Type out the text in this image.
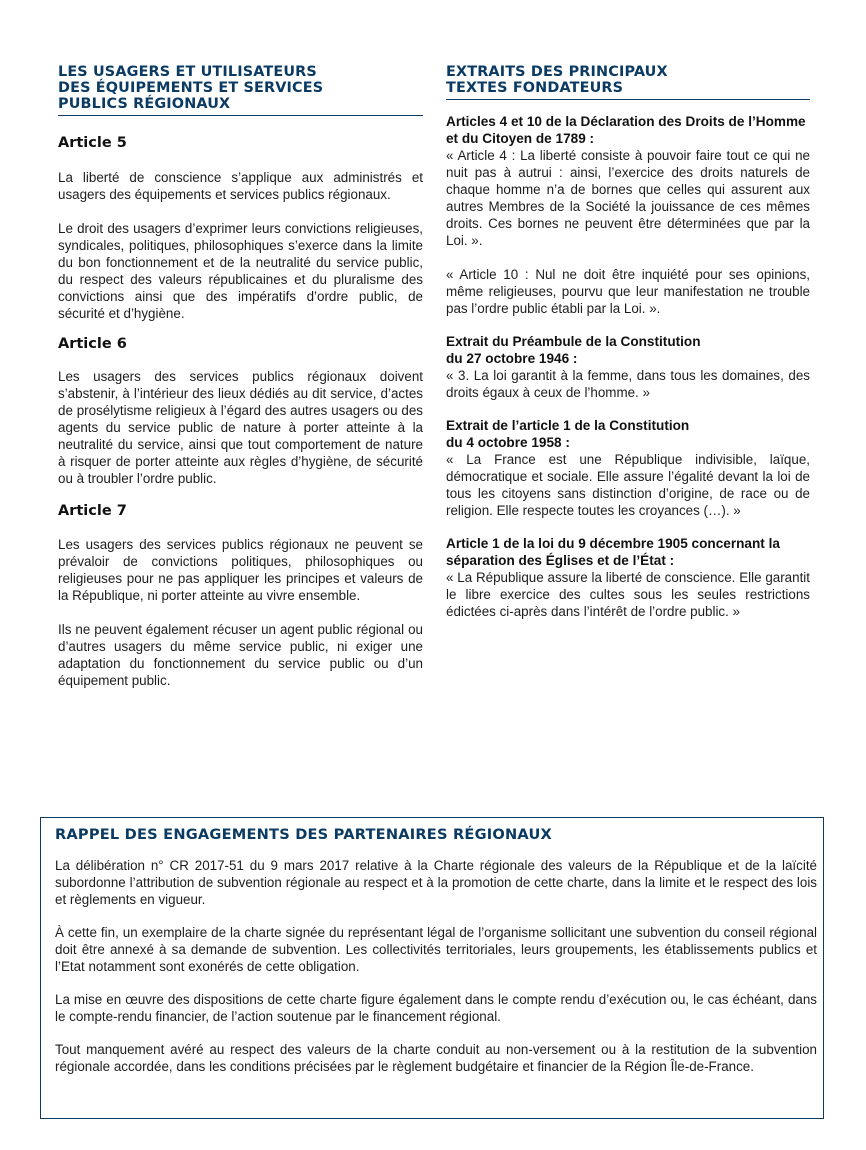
LES USAGERS ET UTILISATEURS
DES ÉQUIPEMENTS ET SERVICES
PUBLICS RÉGIONAUX
Article 5

La liberté de conscience s’applique aux administrés et usagers des équipements et services publics régionaux.

Le droit des usagers d’exprimer leurs convictions religieuses, syndicales, politiques, philosophiques s’exerce dans la limite du bon fonctionnement et de la neutralité du service public, du respect des valeurs républicaines et du pluralisme des convictions ainsi que des impératifs d’ordre public, de sécurité et d’hygiène.

Article 6

Les usagers des services publics régionaux doivent s’abstenir, à l’intérieur des lieux dédiés au dit service, d’actes de prosélytisme religieux à l’égard des autres usagers ou des agents du service public de nature à porter atteinte à la neutralité du service, ainsi que tout comportement de nature à risquer de porter atteinte aux règles d’hygiène, de sécurité ou à troubler l’ordre public.

Article 7

Les usagers des services publics régionaux ne peuvent se prévaloir de convictions politiques, philosophiques ou religieuses pour ne pas appliquer les principes et valeurs de la République, ni porter atteinte au vivre ensemble.

Ils ne peuvent également récuser un agent public régional ou d’autres usagers du même service public, ni exiger une adaptation du fonctionnement du service public ou d’un équipement public.

EXTRAITS DES PRINCIPAUX
TEXTES FONDATEURS

Articles 4 et 10 de la Déclaration des Droits de l’Homme et du Citoyen de 1789 :

« Article 4 : La liberté consiste à pouvoir faire tout ce qui ne nuit pas à autrui : ainsi, l’exercice des droits naturels de chaque homme n’a de bornes que celles qui assurent aux autres Membres de la Société la jouissance de ces mêmes droits. Ces bornes ne peuvent être déterminées que par la Loi. ».

« Article 10 : Nul ne doit être inquiété pour ses opinions, même religieuses, pourvu que leur manifestation ne trouble pas l’ordre public établi par la Loi. ».

Extrait du Préambule de la Constitution
du 27 octobre 1946 :

« 3. La loi garantit à la femme, dans tous les domaines, des droits égaux à ceux de l’homme. »

Extrait de l’article 1 de la Constitution
du 4 octobre 1958 :

« La France est une République indivisible, laïque, démocratique et sociale. Elle assure l’égalité devant la loi de tous les citoyens sans distinction d’origine, de race ou de religion. Elle respecte toutes les croyances (…). »

Article 1 de la loi du 9 décembre 1905 concernant la séparation des Églises et de l’État :

« La République assure la liberté de conscience. Elle garantit le libre exercice des cultes sous les seules restrictions édictées ci-après dans l’intérêt de l’ordre public. »

RAPPEL DES ENGAGEMENTS DES PARTENAIRES RÉGIONAUX

La délibération n° CR 2017-51 du 9 mars 2017 relative à la Charte régionale des valeurs de la République et de la laïcité subordonne l’attribution de subvention régionale au respect et à la promotion de cette charte, dans la limite et le respect des lois et règlements en vigueur.

À cette fin, un exemplaire de la charte signée du représentant légal de l’organisme sollicitant une subvention du conseil régional doit être annexé à sa demande de subvention. Les collectivités territoriales, leurs groupements, les établissements publics et l’Etat notamment sont exonérés de cette obligation.

La mise en œuvre des dispositions de cette charte figure également dans le compte rendu d’exécution ou, le cas échéant, dans le compte-rendu financier, de l’action soutenue par le financement régional.

Tout manquement avéré au respect des valeurs de la charte conduit au non-versement ou à la restitution de la subvention régionale accordée, dans les conditions précisées par le règlement budgétaire et financier de la Région Île-de-France.
